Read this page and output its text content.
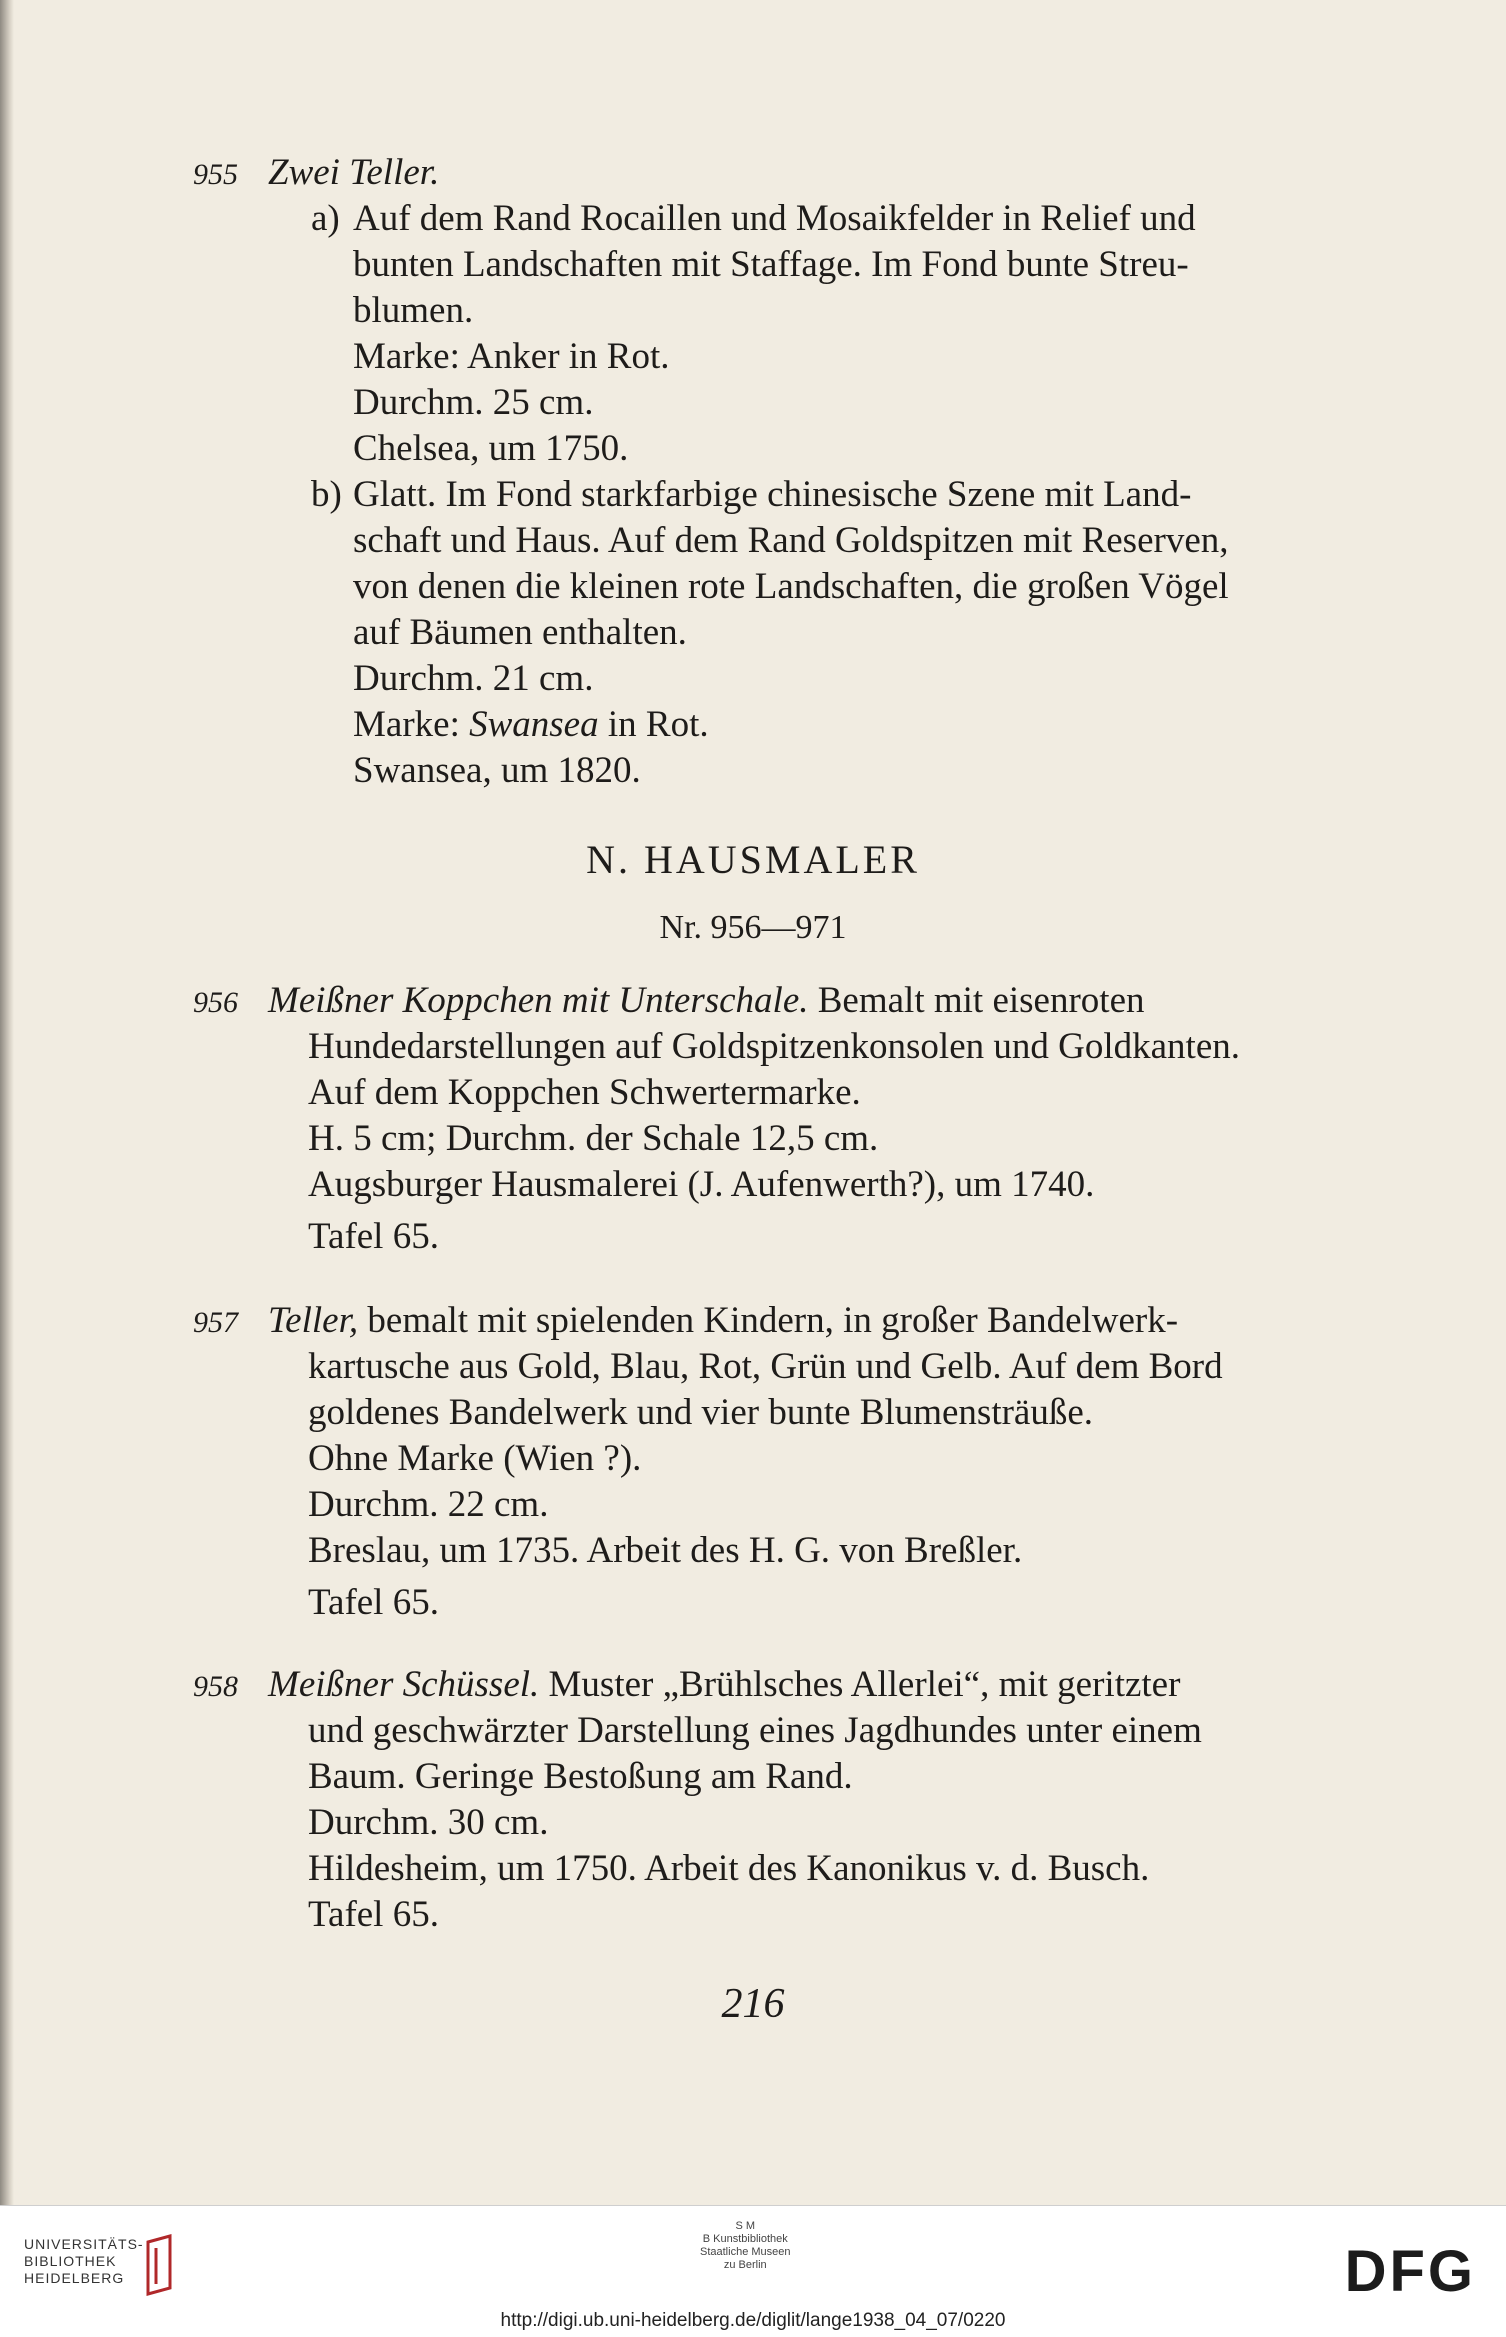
955 Zwei Teller.
a) Auf dem Rand Rocaillen und Mosaikfelder in Relief und
bunten Landschaften mit Staffage. Im Fond bunte Streu-
blumen.
Marke: Anker in Rot.
Durchm. 25 cm.
Chelsea, um 1750.
b) Glatt. Im Fond starkfarbige chinesische Szene mit Land-
schaft und Haus. Auf dem Rand Goldspitzen mit Reserven,
von denen die kleinen rote Landschaften, die großen Vögel
auf Bäumen enthalten.
Durchm. 21 cm.
Marke: Swansea in Rot.
Swansea, um 1820.
N. HAUSMALER
Nr. 956—971
956 Meißner Koppchen mit Unterschale. Bemalt mit eisenroten
Hundedarstellungen auf Goldspitzenkonsolen und Goldkanten.
Auf dem Koppchen Schwertermarke.
H. 5 cm; Durchm. der Schale 12,5 cm.
Augsburger Hausmalerei (J. Aufenwerth?), um 1740.
Tafel 65.
957 Teller, bemalt mit spielenden Kindern, in großer Bandelwerk-
kartusche aus Gold, Blau, Rot, Grün und Gelb. Auf dem Bord
goldenes Bandelwerk und vier bunte Blumensträuße.
Ohne Marke (Wien ?).
Durchm. 22 cm.
Breslau, um 1735. Arbeit des H. G. von Breßler.
Tafel 65.
958 Meißner Schüssel. Muster „Brühlsches Allerlei“, mit geritzter
und geschwärzter Darstellung eines Jagdhundes unter einem
Baum. Geringe Bestoßung am Rand.
Durchm. 30 cm.
Hildesheim, um 1750. Arbeit des Kanonikus v. d. Busch.
Tafel 65.
216
UNIVERSITÄTS-
BIBLIOTHEK
HEIDELBERG
S M
B Kunstbibliothek
Staatliche Museen
zu Berlin	DFG
http://digi.ub.uni-heidelberg.de/diglit/lange1938_04_07/0220
